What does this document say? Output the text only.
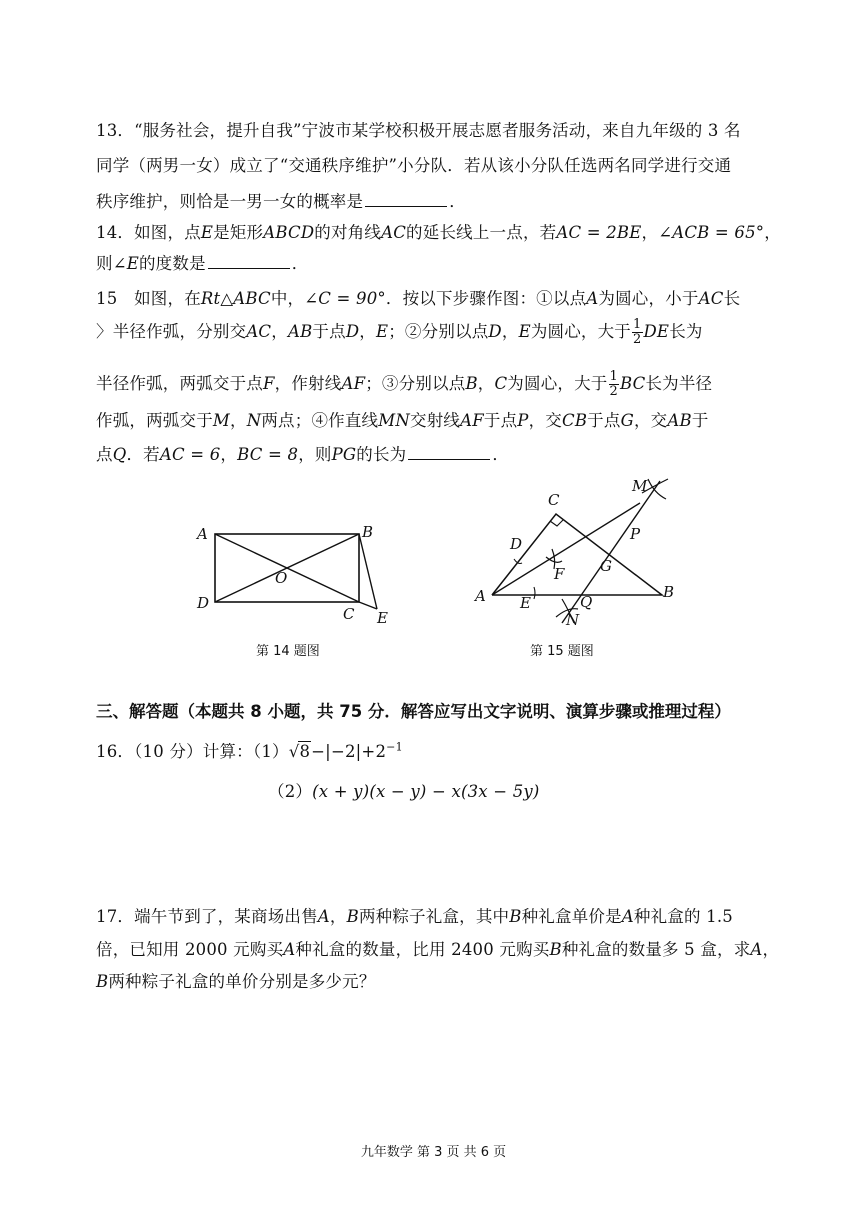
13．“服务社会，提升自我”宁波市某学校积极开展志愿者服务活动，来自九年级的 3 名
同学（两男一女）成立了“交通秩序维护”小分队．若从该小分队任选两名同学进行交通
秩序维护，则恰是一男一女的概率是	．
14．如图，点E是矩形ABCD的对角线AC的延长线上一点，若AC = 2BE，∠ACB = 65°，
则∠E的度数是	．
15　如图，在Rt△ABC中，∠C = 90°．按以下步骤作图：①以点A为圆心，小于AC长
〉半径作弧，分别交AC，AB于点D，E；②分别以点D，E为圆心，大于 $\frac{1}{2}$ DE长为
半径作弧，两弧交于点F，作射线AF；③分别以点B，C为圆心，大于 $\frac{1}{2}$ BC长为半径
作弧，两弧交于M，N两点；④作直线MN交射线AF于点P，交CB于点G，交AB于
点Q．若AC = 6，BC = 8，则PG的长为	．
A	B
C
D
O
E
第 14 题图
C
D
A E
F G
P
M
Q
N
B
第 15 题图
三、解答题（本题共 8 小题，共 75 分．解答应写出文字说明、演算步骤或推理过程）
16．（10 分）计算：$(1)√8-|-2|+2^{-1}$
（2）(x + y)(x − y) − x(3x − 5y)
17．端午节到了，某商场出售A，B两种粽子礼盒，其中B种礼盒单价是A种礼盒的 1.5
倍，已知用 2000 元购买A种礼盒的数量，比用 2400 元购买B种礼盒的数量多 5 盒，求A，
B两种粽子礼盒的单价分别是多少元？
九年数学 第 3 页 共 6 页
